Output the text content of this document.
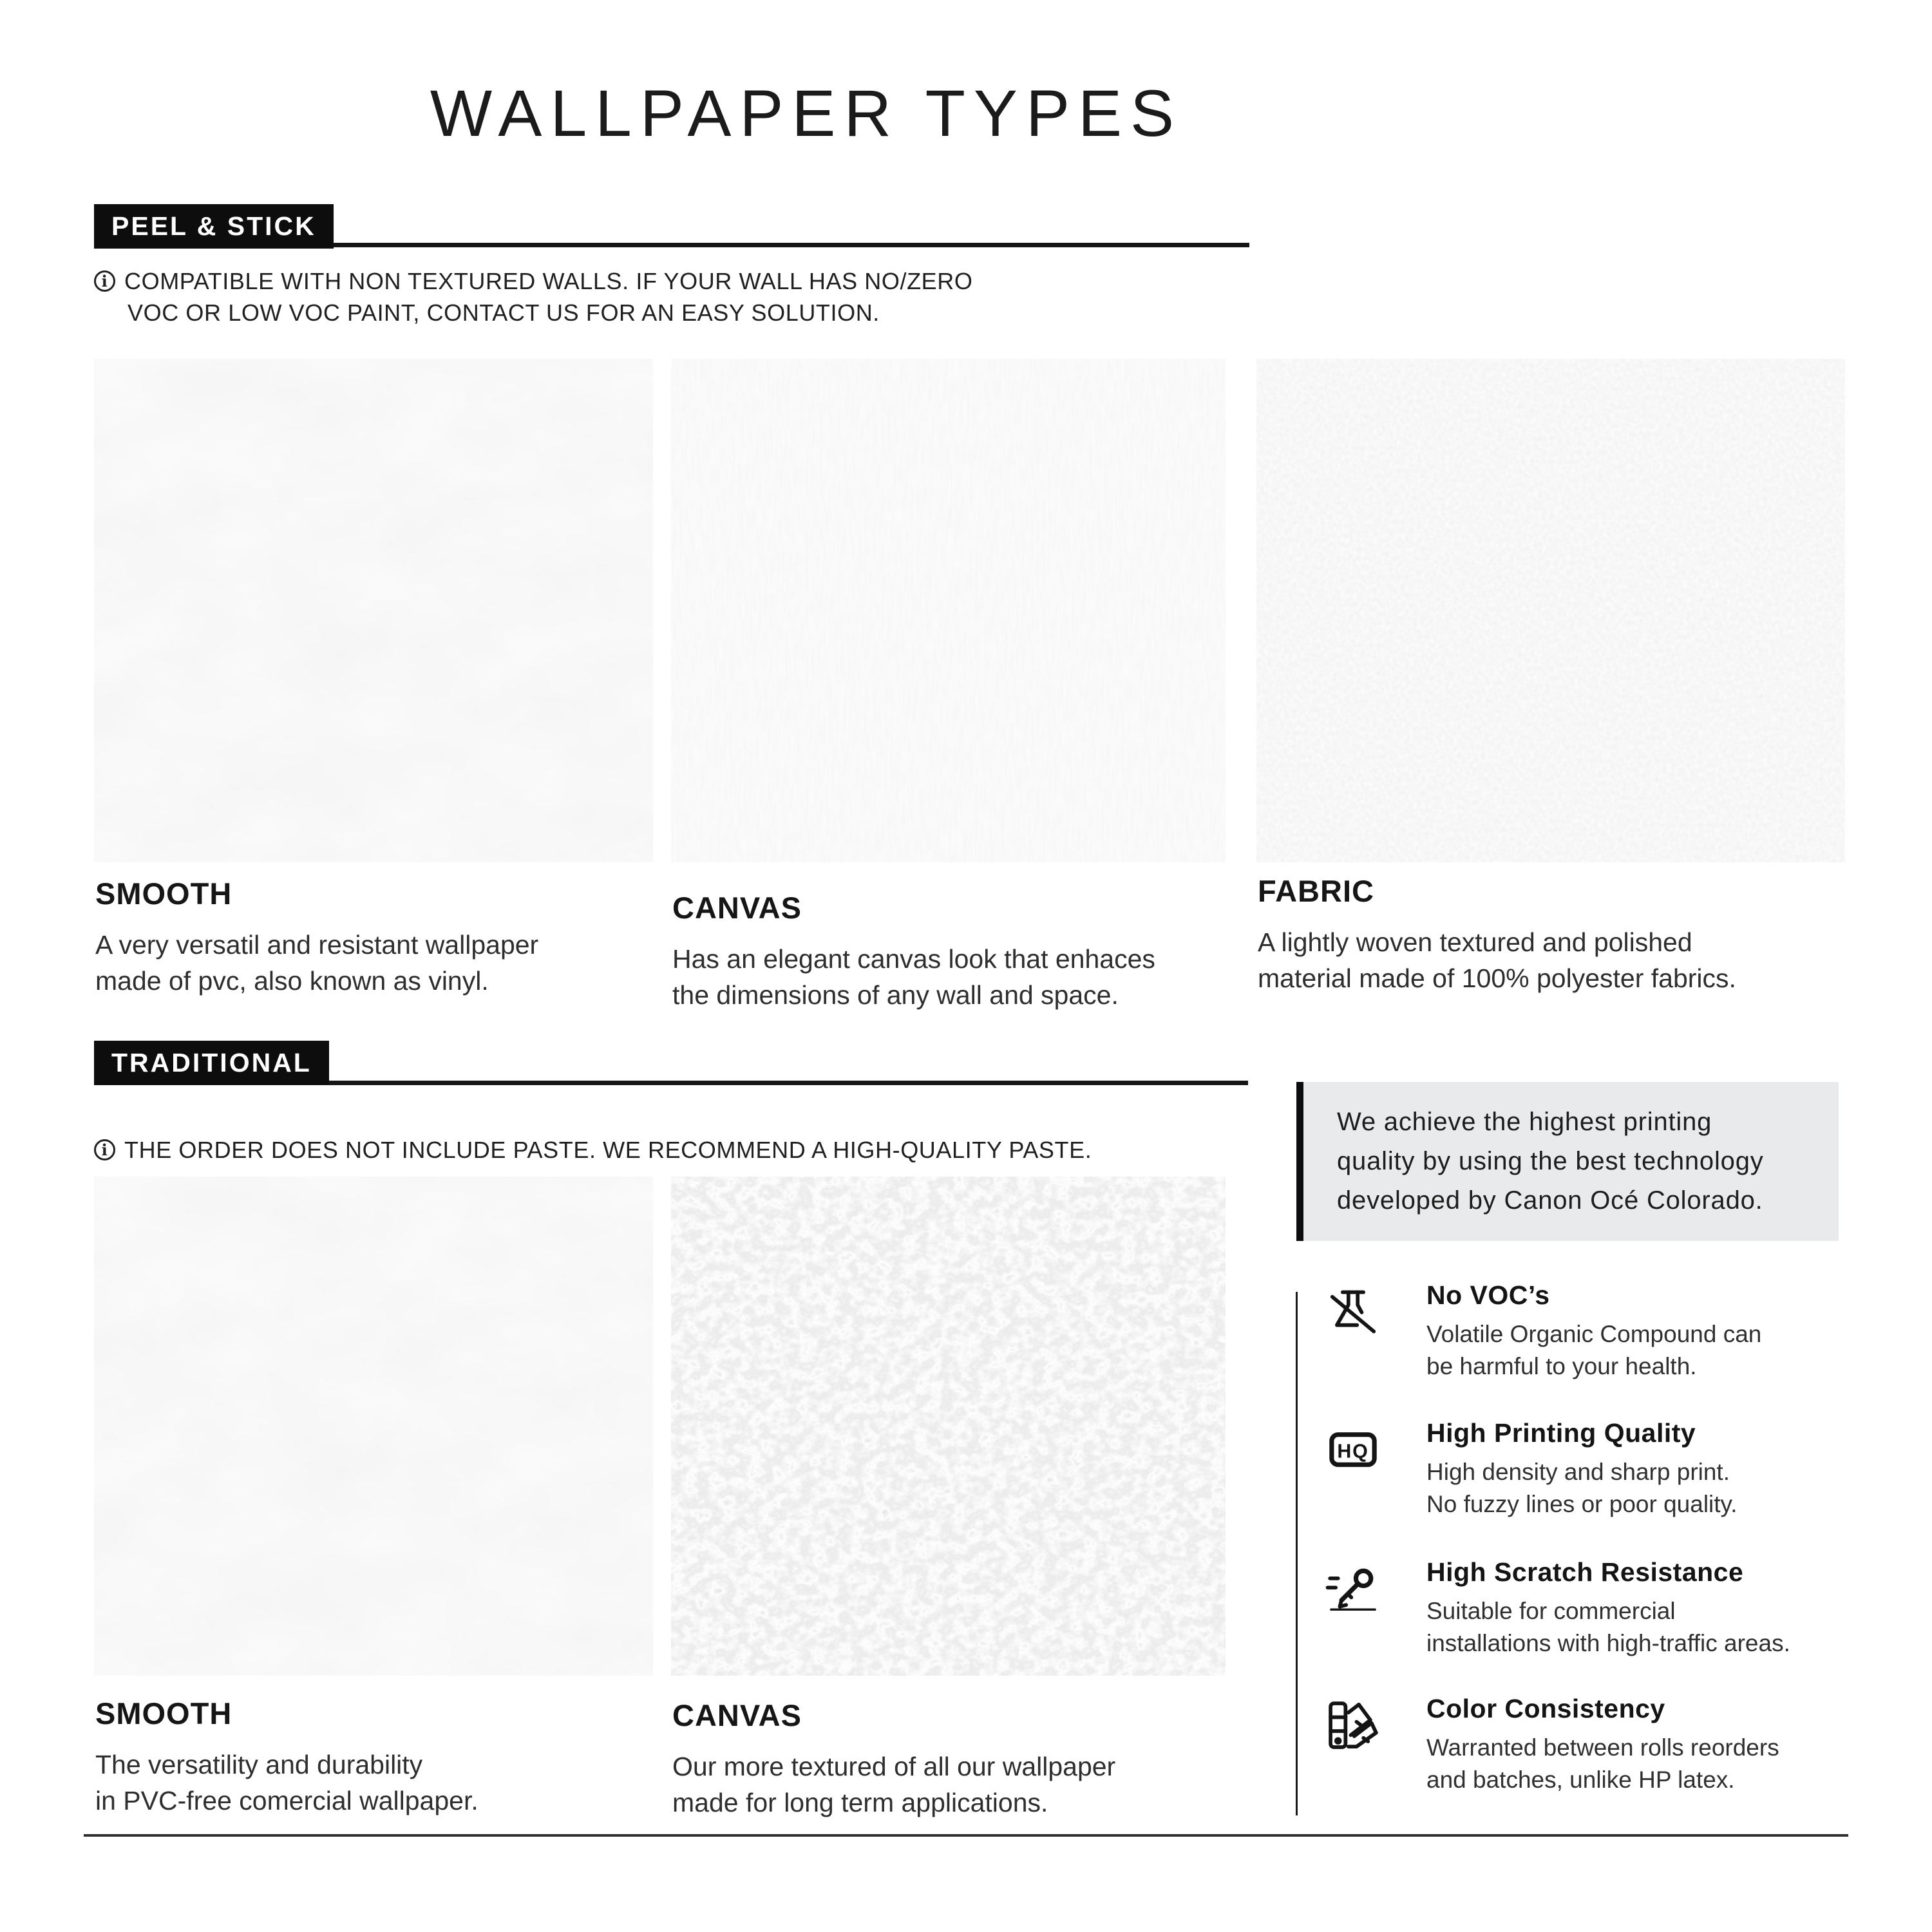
WALLPAPER TYPES
PEEL & STICK
i COMPATIBLE WITH NON TEXTURED WALLS. IF YOUR WALL HAS NO/ZERO
VOC OR LOW VOC PAINT, CONTACT US FOR AN EASY SOLUTION.
SMOOTH

A very versatil and resistant wallpaper

made of pvc, also known as vinyl.

CANVAS

Has an elegant canvas look that enhaces

the dimensions of any wall and space.

FABRIC

A lightly woven textured and polished

material made of 100% polyester fabrics.

TRADITIONAL
i THE ORDER DOES NOT INCLUDE PASTE. WE RECOMMEND A HIGH-QUALITY PASTE.
SMOOTH

The versatility and durability

in PVC-free comercial wallpaper.

CANVAS

Our more textured of all our wallpaper

made for long term applications.

We achieve the highest printing

quality by using the best technology

developed by Canon Océ Colorado.

No VOC’s

Volatile Organic Compound can

be harmful to your health.

HQ
High Printing Quality

High density and sharp print.

No fuzzy lines or poor quality.

High Scratch Resistance

Suitable for commercial

installations with high-traffic areas.

Color Consistency

Warranted between rolls reorders

and batches, unlike HP latex.
